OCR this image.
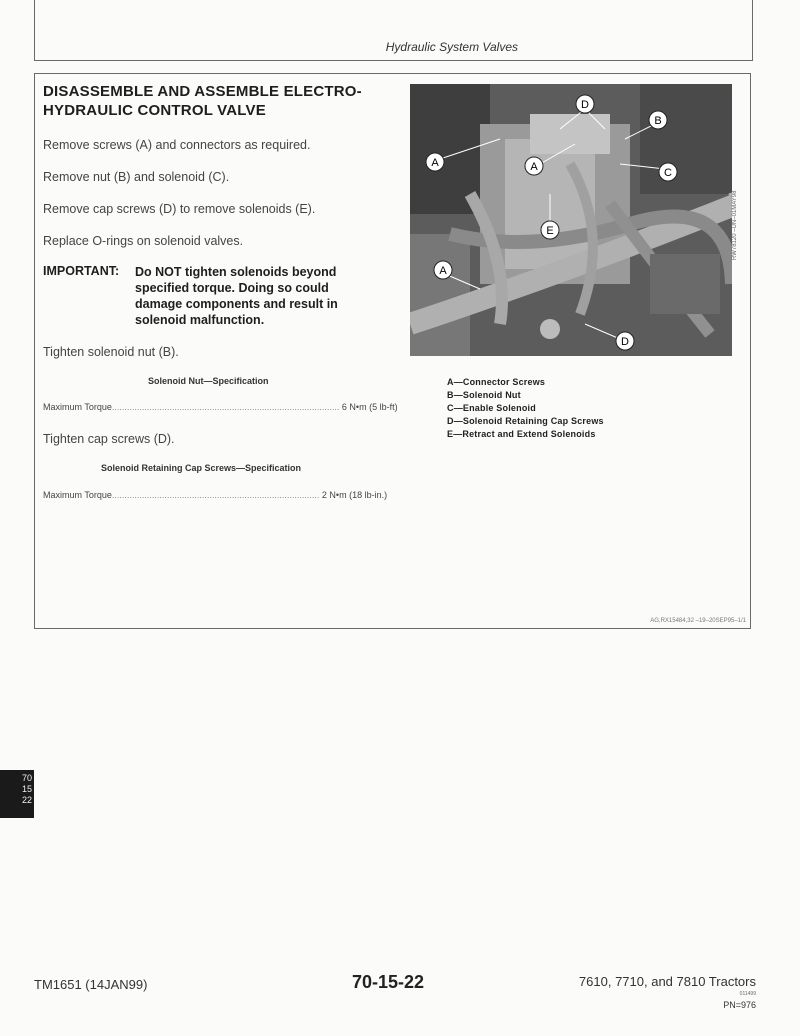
Hydraulic System Valves
DISASSEMBLE AND ASSEMBLE ELECTRO-HYDRAULIC CONTROL VALVE
Remove screws (A) and connectors as required.
Remove nut (B) and solenoid (C).
Remove cap screws (D) to remove solenoids (E).
Replace O-rings on solenoid valves.
IMPORTANT: Do NOT tighten solenoids beyond specified torque. Doing so could damage components and result in solenoid malfunction.
Tighten solenoid nut (B).
Solenoid Nut—Specification
Maximum Torque........................................................................................... 6 N•m (5 lb-ft)
Tighten cap screws (D).
Solenoid Retaining Cap Screws—Specification
Maximum Torque................................................................................... 2 N•m (18 lb-in.)
A	A
A
B
C
D
D
E	RW78120 –UN–01MAY98
A—Connector Screws
B—Solenoid Nut
C—Enable Solenoid
D—Solenoid Retaining Cap Screws
E—Retract and Extend Solenoids
AG,RX15484,32 –19–20SEP95–1/1
70
15
22
TM1651 (14JAN99)	70-15-22	7610, 7710, and 7810 Tractors
011499
PN=976
